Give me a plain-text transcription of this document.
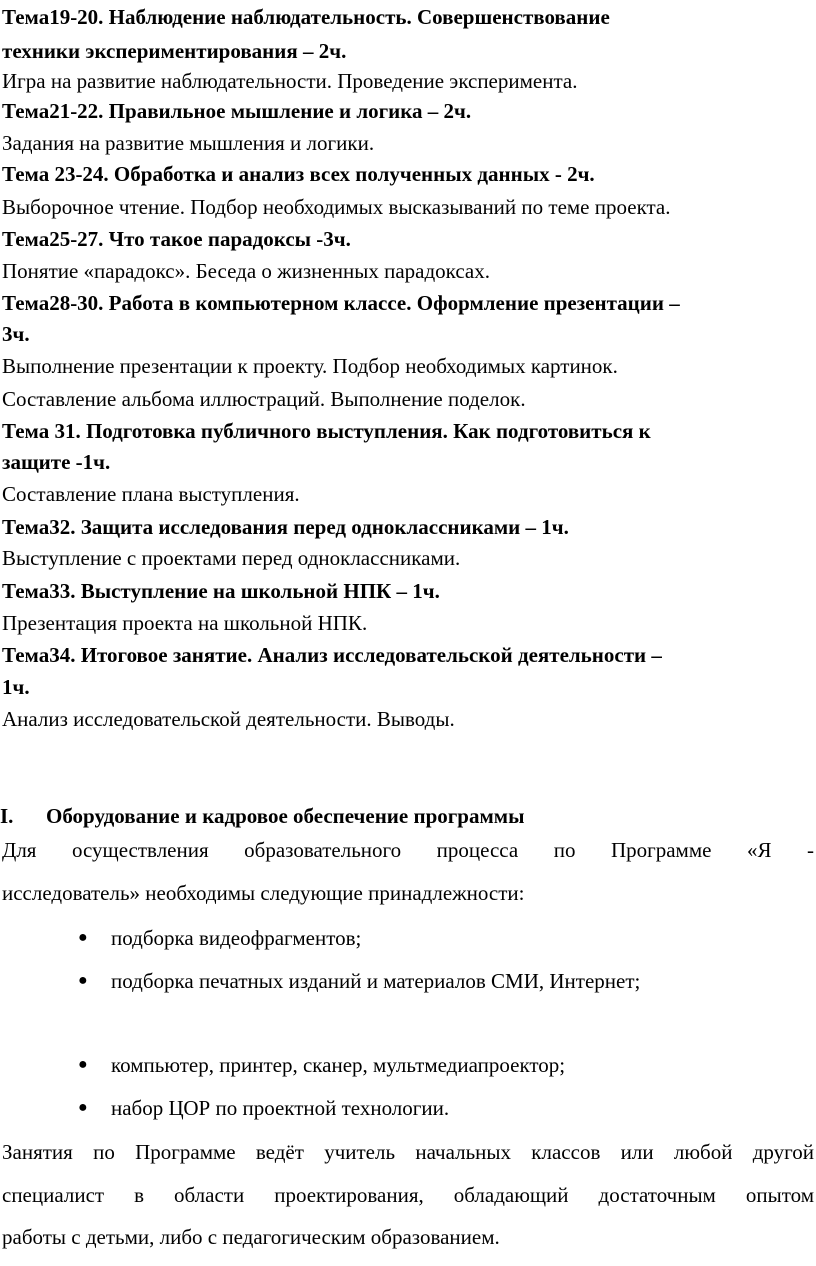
Тема19-20. Наблюдение наблюдательность. Совершенствование
техники экспериментирования – 2ч.
Игра на развитие наблюдательности. Проведение эксперимента.
Тема21-22. Правильное мышление и логика – 2ч.
Задания на развитие мышления и логики.
Тема 23-24. Обработка и анализ всех полученных данных - 2ч.
Выборочное чтение. Подбор необходимых высказываний по теме проекта.
Тема25-27. Что такое парадоксы -3ч.
Понятие «парадокс». Беседа о жизненных парадоксах.
Тема28-30. Работа в компьютерном классе. Оформление презентации –
3ч.
Выполнение презентации к проекту. Подбор необходимых картинок.
Составление альбома иллюстраций. Выполнение поделок.
Тема 31. Подготовка публичного выступления. Как подготовиться к
защите -1ч.
Составление плана выступления.
Тема32. Защита исследования перед одноклассниками – 1ч.
Выступление с проектами перед одноклассниками.
Тема33. Выступление на школьной НПК – 1ч.
Презентация проекта на школьной НПК.
Тема34. Итоговое занятие. Анализ исследовательской деятельности –
1ч.
Анализ исследовательской деятельности. Выводы.
I. Оборудование и кадровое обеспечение программы
Для осуществления образовательного процесса по Программе «Я -
исследователь» необходимы следующие принадлежности:
● подборка видеофрагментов;
● подборка печатных изданий и материалов СМИ, Интернет;
● компьютер, принтер, сканер, мультмедиапроектор;
● набор ЦОР по проектной технологии.
Занятия по Программе ведёт учитель начальных классов или любой другой
специалист в области проектирования, обладающий достаточным опытом
работы с детьми, либо с педагогическим образованием.
